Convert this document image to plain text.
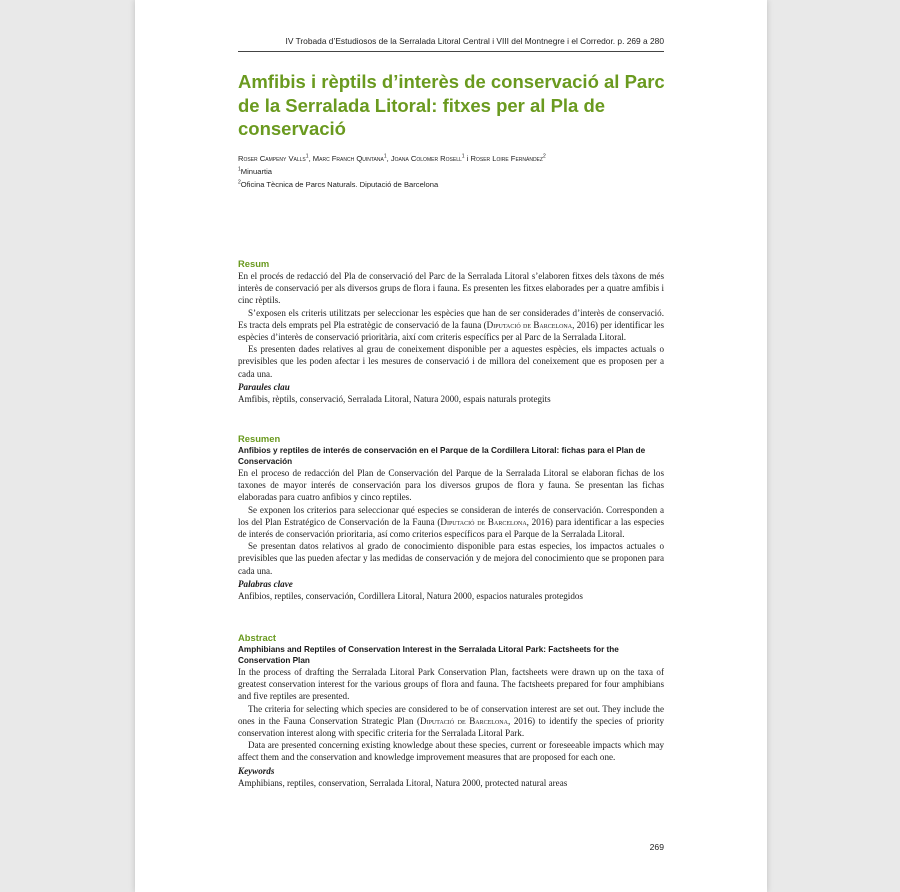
IV Trobada d’Estudiosos de la Serralada Litoral Central i VIII del Montnegre i el Corredor. p. 269 a 280
Amfibis i rèptils d’interès de conservació al Parc de la Serralada Litoral: fitxes per al Pla de conservació
Roser Campeny Valls$^1$, Marc Franch Quintana$^1$, Joana Colomer Rosell$^1$ i Roser Loire Fernández$^2$
$^1$Minuartia
$^2$Oficina Tècnica de Parcs Naturals. Diputació de Barcelona
Resum

En el procés de redacció del Pla de conservació del Parc de la Serralada Litoral s’elaboren fitxes dels tàxons de més interès de conservació per als diversos grups de flora i fauna. Es presenten les fitxes elaborades per a quatre amfibis i cinc rèptils.

S’exposen els criteris utilitzats per seleccionar les espècies que han de ser considerades d’interès de conservació. Es tracta dels emprats pel Pla estratègic de conservació de la fauna (Diputació de Barcelona, 2016) per identificar les espècies d’interès de conservació prioritària, així com criteris específics per al Parc de la Serralada Litoral.

Es presenten dades relatives al grau de coneixement disponible per a aquestes espècies, els impactes actuals o previsibles que les poden afectar i les mesures de conservació i de millora del coneixement que es proposen per a cada una.

Paraules clau

Amfibis, rèptils, conservació, Serralada Litoral, Natura 2000, espais naturals protegits

Resumen
Anfibios y reptiles de interés de conservación en el Parque de la Cordillera Litoral: fichas para el Plan de Conservación

En el proceso de redacción del Plan de Conservación del Parque de la Serralada Litoral se elaboran fichas de los taxones de mayor interés de conservación para los diversos grupos de flora y fauna. Se presentan las fichas elaboradas para cuatro anfibios y cinco reptiles.

Se exponen los criterios para seleccionar qué especies se consideran de interés de conservación. Corresponden a los del Plan Estratégico de Conservación de la Fauna (Diputació de Barcelona, 2016) para identificar a las especies de interés de conservación prioritaria, así como criterios específicos para el Parque de la Serralada Litoral.

Se presentan datos relativos al grado de conocimiento disponible para estas especies, los impactos actuales o previsibles que las pueden afectar y las medidas de conservación y de mejora del conocimiento que se proponen para cada una.

Palabras clave

Anfibios, reptiles, conservación, Cordillera Litoral, Natura 2000, espacios naturales protegidos

Abstract
Amphibians and Reptiles of Conservation Interest in the Serralada Litoral Park: Factsheets for the Conservation Plan

In the process of drafting the Serralada Litoral Park Conservation Plan, factsheets were drawn up on the taxa of greatest conservation interest for the various groups of flora and fauna. The factsheets prepared for four amphibians and five reptiles are presented.

The criteria for selecting which species are considered to be of conservation interest are set out. They include the ones in the Fauna Conservation Strategic Plan (Diputació de Barcelona, 2016) to identify the species of priority conservation interest along with specific criteria for the Serralada Litoral Park.

Data are presented concerning existing knowledge about these species, current or foreseeable impacts which may affect them and the conservation and knowledge improvement measures that are proposed for each one.

Keywords

Amphibians, reptiles, conservation, Serralada Litoral, Natura 2000, protected natural areas

269
